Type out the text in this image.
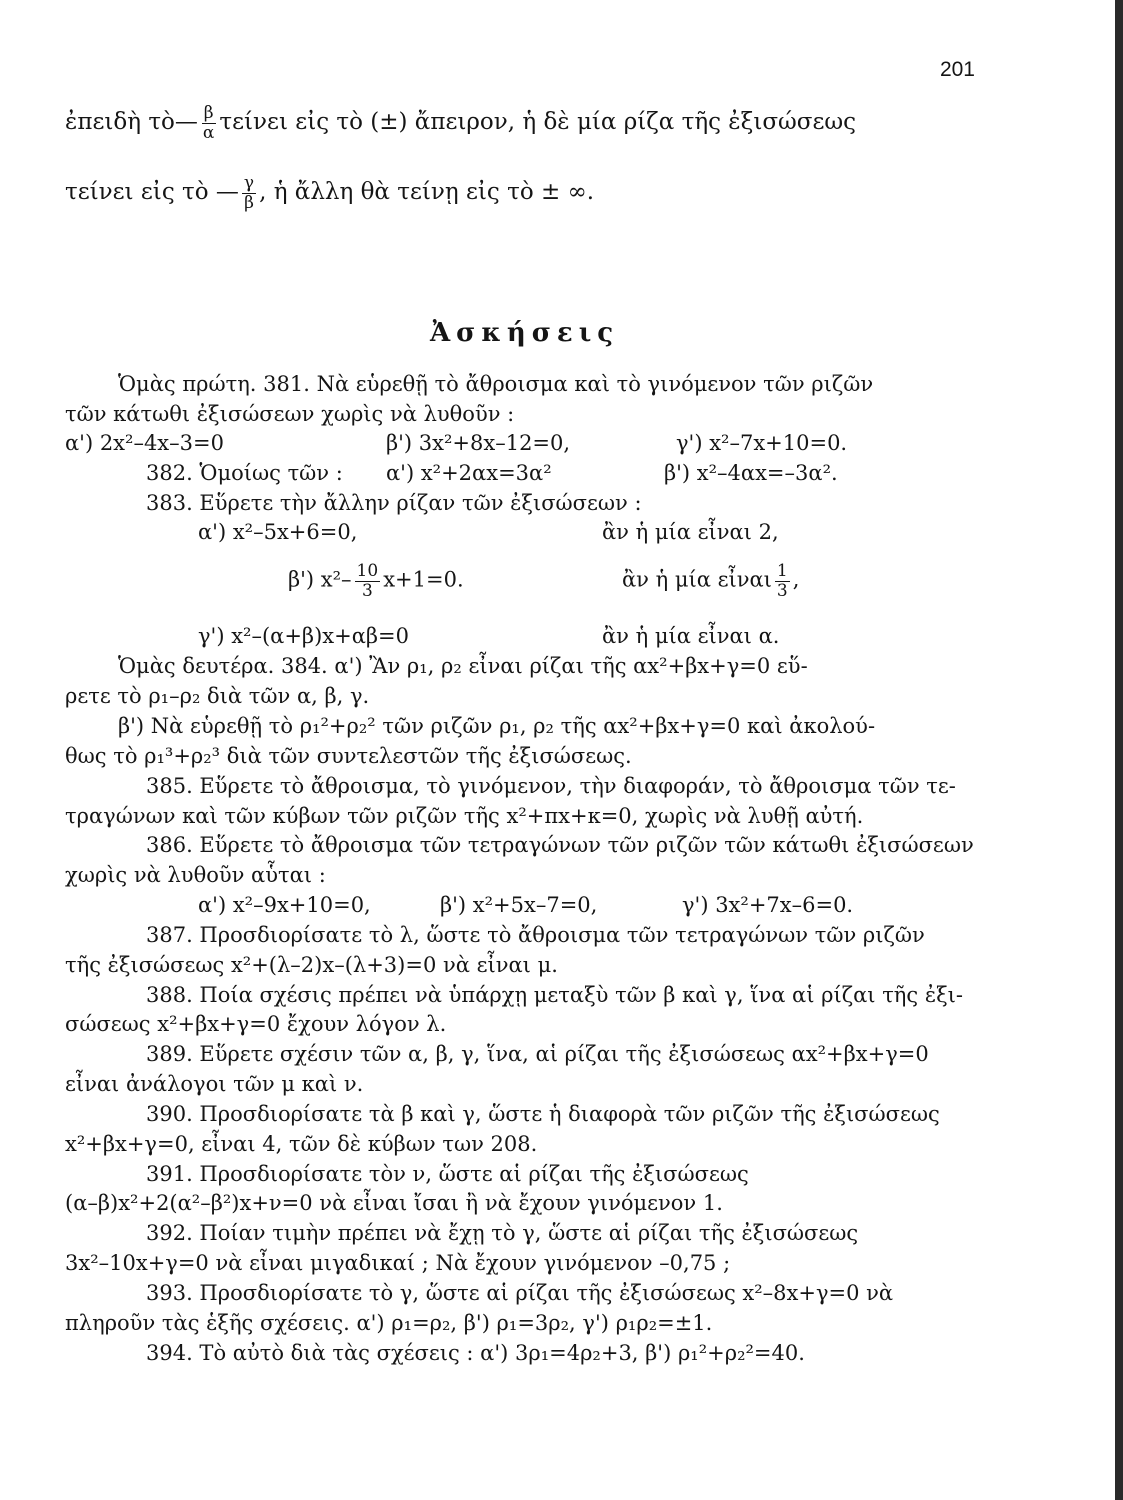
201
ἐπειδὴ τὸ— $\frac{\beta}{\alpha}$ τείνει εἰς τὸ (±) ἄπειρον, ἡ δὲ μία ρίζα τῆς ἐξισώσεως
τείνει εἰς τὸ — $\frac{\gamma}{\beta}$ , ἡ ἄλλη θὰ τείνῃ εἰς τὸ ± ∞.
Ἀσκήσεις
Ὁμὰς πρώτη. 381. Νὰ εὑρεθῇ τὸ ἄθροισμα καὶ τὸ γινόμενον τῶν ριζῶν
τῶν κάτωθι ἐξισώσεων χωρὶς νὰ λυθοῦν :
α') 2x²–4x–3=0	β') 3x²+8x–12=0,	γ') x²–7x+10=0.
382. Ὁμοίως τῶν : α') x²+2αx=3α²	β') x²–4αx=–3α².
383. Εὕρετε τὴν ἄλλην ρίζαν τῶν ἐξισώσεων :
α') x²–5x+6=0,	ἂν ἡ μία εἶναι 2,
β') $x^2- \frac{10}{3} x+1=0$.	ἂν ἡ μία εἶναι $\frac{1}{3}$ ,
γ') x²–(α+β)x+αβ=0	ἂν ἡ μία εἶναι α.
Ὁμὰς δευτέρα. 384. α') Ἂν ρ₁, ρ₂ εἶναι ρίζαι τῆς αx²+βx+γ=0 εὕ-
ρετε τὸ ρ₁–ρ₂ διὰ τῶν α, β, γ.
β') Νὰ εὑρεθῇ τὸ ρ₁²+ρ₂² τῶν ριζῶν ρ₁, ρ₂ τῆς αx²+βx+γ=0 καὶ ἀκολού-
θως τὸ ρ₁³+ρ₂³ διὰ τῶν συντελεστῶν τῆς ἐξισώσεως.
385. Εὕρετε τὸ ἄθροισμα, τὸ γινόμενον, τὴν διαφοράν, τὸ ἄθροισμα τῶν τε-
τραγώνων καὶ τῶν κύβων τῶν ριζῶν τῆς x²+πx+κ=0, χωρὶς νὰ λυθῇ αὐτή.
386. Εὕρετε τὸ ἄθροισμα τῶν τετραγώνων τῶν ριζῶν τῶν κάτωθι ἐξισώσεων
χωρὶς νὰ λυθοῦν αὗται :
α') x²–9x+10=0,	β') x²+5x–7=0,	γ') 3x²+7x–6=0.
387. Προσδιορίσατε τὸ λ, ὥστε τὸ ἄθροισμα τῶν τετραγώνων τῶν ριζῶν
τῆς ἐξισώσεως x²+(λ–2)x–(λ+3)=0 νὰ εἶναι μ.
388. Ποία σχέσις πρέπει νὰ ὑπάρχῃ μεταξὺ τῶν β καὶ γ, ἵνα αἱ ρίζαι τῆς ἐξι-
σώσεως x²+βx+γ=0 ἔχουν λόγον λ.
389. Εὕρετε σχέσιν τῶν α, β, γ, ἵνα, αἱ ρίζαι τῆς ἐξισώσεως αx²+βx+γ=0
εἶναι ἀνάλογοι τῶν μ καὶ ν.
390. Προσδιορίσατε τὰ β καὶ γ, ὥστε ἡ διαφορὰ τῶν ριζῶν τῆς ἐξισώσεως
x²+βx+γ=0, εἶναι 4, τῶν δὲ κύβων των 208.
391. Προσδιορίσατε τὸν ν, ὥστε αἱ ρίζαι τῆς ἐξισώσεως
(α–β)x²+2(α²–β²)x+ν=0 νὰ εἶναι ἴσαι ἢ νὰ ἔχουν γινόμενον 1.
392. Ποίαν τιμὴν πρέπει νὰ ἔχῃ τὸ γ, ὥστε αἱ ρίζαι τῆς ἐξισώσεως
3x²–10x+γ=0 νὰ εἶναι μιγαδικαί ; Νὰ ἔχουν γινόμενον –0,75 ;
393. Προσδιορίσατε τὸ γ, ὥστε αἱ ρίζαι τῆς ἐξισώσεως x²–8x+γ=0 νὰ
πληροῦν τὰς ἑξῆς σχέσεις. α') ρ₁=ρ₂, β') ρ₁=3ρ₂, γ') ρ₁ρ₂=±1.
394. Τὸ αὐτὸ διὰ τὰς σχέσεις : α') 3ρ₁=4ρ₂+3, β') ρ₁²+ρ₂²=40.
